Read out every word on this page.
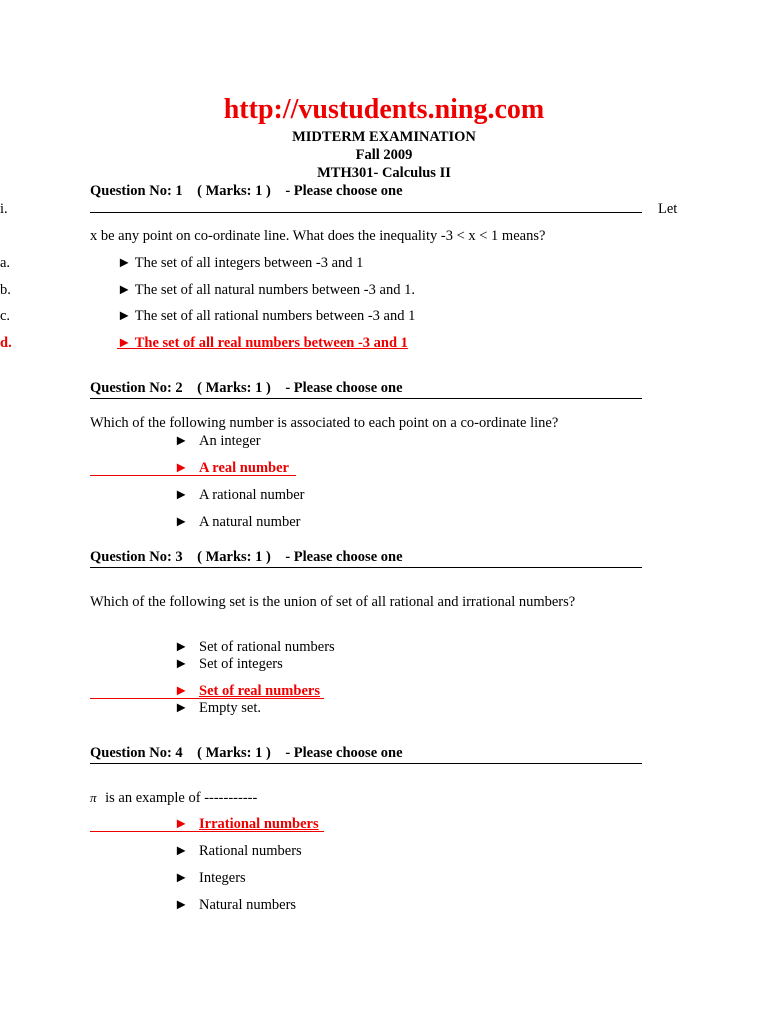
http://vustudents.ning.com
MIDTERM EXAMINATION
Fall 2009
MTH301- Calculus II
Question No: 1    ( Marks: 1 )    - Please choose one
i.	Let
x be any point on co-ordinate line. What does the inequality -3 < x < 1 means?
a.	► The set of all integers between -3 and 1
b.	► The set of all natural numbers between -3 and 1.
c.	► The set of all rational numbers between -3 and 1
d.	► The set of all real numbers between -3 and 1
Question No: 2    ( Marks: 1 )    - Please choose one
Which of the following number is associated to each point on a co-ordinate line?
► An integer
► A real number
► A rational number
► A natural number
Question No: 3    ( Marks: 1 )    - Please choose one
Which of the following set is the union of set of all rational and irrational numbers?
► Set of rational numbers
► Set of integers
► Set of real numbers
► Empty set.
Question No: 4    ( Marks: 1 )    - Please choose one
π is an example of -----------
► Irrational numbers
► Rational numbers
► Integers
► Natural numbers
